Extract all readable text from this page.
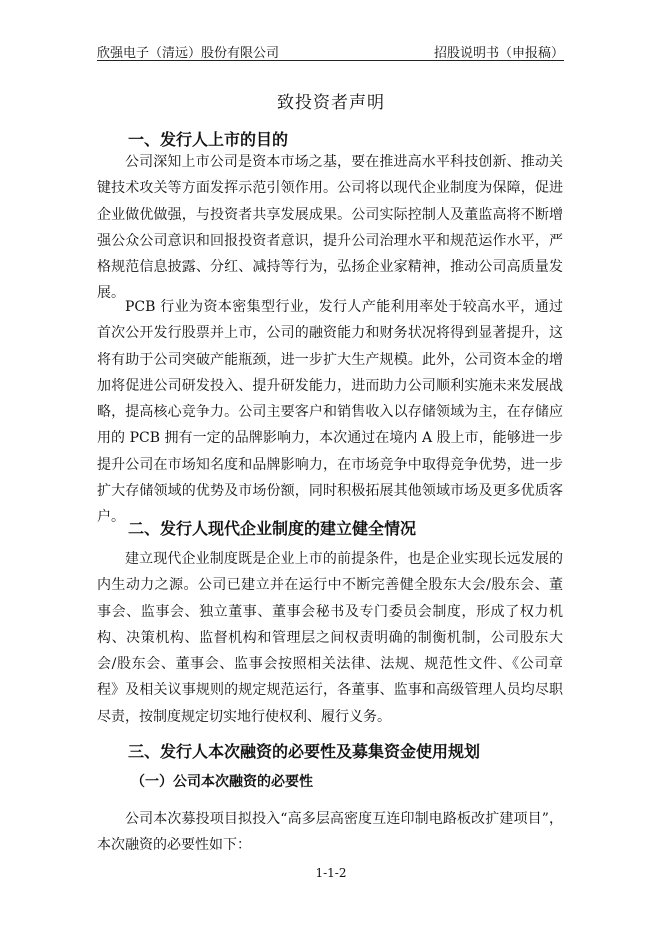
欣强电子（清远）股份有限公司	招股说明书（申报稿）
致投资者声明
一、发行人上市的目的

公司深知上市公司是资本市场之基，要在推进高水平科技创新、推动关键技术攻关等方面发挥示范引领作用。公司将以现代企业制度为保障，促进企业做优做强，与投资者共享发展成果。公司实际控制人及董监高将不断增强公众公司意识和回报投资者意识，提升公司治理水平和规范运作水平，严格规范信息披露、分红、减持等行为，弘扬企业家精神，推动公司高质量发展。

PCB 行业为资本密集型行业，发行人产能利用率处于较高水平，通过首次公开发行股票并上市，公司的融资能力和财务状况将得到显著提升，这将有助于公司突破产能瓶颈，进一步扩大生产规模。此外，公司资本金的增加将促进公司研发投入、提升研发能力，进而助力公司顺利实施未来发展战略，提高核心竞争力。公司主要客户和销售收入以存储领域为主，在存储应用的 PCB 拥有一定的品牌影响力，本次通过在境内 A 股上市，能够进一步提升公司在市场知名度和品牌影响力，在市场竞争中取得竞争优势，进一步扩大存储领域的优势及市场份额，同时积极拓展其他领域市场及更多优质客户。

二、发行人现代企业制度的建立健全情况

建立现代企业制度既是企业上市的前提条件，也是企业实现长远发展的内生动力之源。公司已建立并在运行中不断完善健全股东大会/股东会、董事会、监事会、独立董事、董事会秘书及专门委员会制度，形成了权力机构、决策机构、监督机构和管理层之间权责明确的制衡机制，公司股东大会/股东会、董事会、监事会按照相关法律、法规、规范性文件、《公司章程》及相关议事规则的规定规范运行，各董事、监事和高级管理人员均尽职尽责，按制度规定切实地行使权利、履行义务。

三、发行人本次融资的必要性及募集资金使用规划
（一）公司本次融资的必要性

公司本次募投项目拟投入“高多层高密度互连印制电路板改扩建项目”，本次融资的必要性如下：

1-1-2
